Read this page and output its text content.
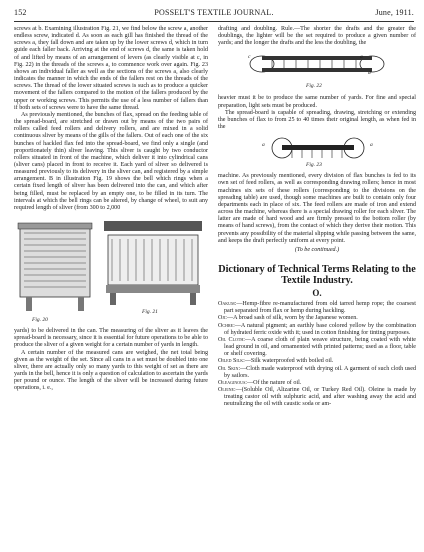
152	POSSELT'S TEXTILE JOURNAL.	June, 1911.

screws at b. Examining illustration Fig. 21, we find below the screw a, another endless screw, indicated d. As soon as each gill has finished the thread of the screws a, they fall down and are taken up by the lower screws d, which in turn guide each faller back. Arriving at the end of screws d, the same is taken hold of and lifted by means of an arrangement of levers (as clearly visible at c, in Fig. 22) in the threads of the screws a, to commence work over again. Fig. 23 shows an individual faller as well as the sections of the screws a, also clearly indicates the manner in which the ends of the fallers rest on the threads of the screws. The thread of the lower situated screws is such as to produce a quicker movement of the fallers compared to the motion of the fallers produced by the upper or working screws. This permits the use of a less number of fallers than if both sets of screws were to have the same thread.

As previously mentioned, the bunches of flax, spread on the feeding table of the spread-board, are stretched or drawn out by means of the two pairs of rollers called feed rollers and delivery rollers, and are mixed in a solid continuous sliver by means of the gills of the fallers. Out of each one of the six bunches of hackled flax fed into the spread-board, we find only a single (and proportionately thin) sliver leaving. This sliver is caught by two conductor rollers situated in front of the machine, which deliver it into cylindrical cans (sliver cans) placed in front to receive it. Each yard of sliver so delivered is measured previously to its delivery in the sliver can, and registered by a simple arrangement. B in illustration Fig. 19 shows the bell which rings when a certain fixed length of sliver has been delivered into the can, and which after being filled, must be replaced by an empty one, to be filled in its turn. The intervals at which the bell rings can be altered, by change of wheel, to suit any required length of sliver (from 300 to 2,000

Fig. 20
Fig. 21

yards) to be delivered in the can. The measuring of the sliver as it leaves the spread-board is necessary, since it is essential for future operations to be able to produce the sliver of a given weight for a certain number of yards in length.

A certain number of the measured cans are weighed, the net total being given as the weight of the set. Since all cans in a set must be doubled into one sliver, there are actually only so many yards to this weight of set as there are yards in the bell, hence it is only a question of calculation to ascertain the yards per pound or ounce. The length of the sliver will be increased during future operations, i. e.,

drafting and doubling. Rule.—The shorter the drafts and the greater the doublings, the lighter will be the set required to produce a given number of yards; and the longer the drafts and the less the doubling, the

c	a
d
Fig. 22

heavier must it be to produce the same number of yards. For fine and special preparation, light sets must be produced.

The spread-board is capable of spreading, drawing, stretching or extending the bunches of flax to from 25 to 40 times their original length, as when fed in the

a	a
Fig. 23

machine. As previously mentioned, every division of flax bunches is fed to its own set of feed rollers, as well as corresponding drawing rollers; hence in most machines six sets of these rollers (corresponding to the divisions on the spreading table) are used, though some machines are built to contain only four departments each in place of six. The feed rollers are made of iron and extend across the machine, whereas there is a special drawing roller for each sliver. The latter are made of hard wood and are firmly pressed to the bottom roller (by means of hand screws), from the contact of which they derive their motion. This prevents any possibility of the material slipping while passing between the same, and keeps the draft perfectly uniform at every point.

(To be continued.)
Dictionary of Technical Terms Relating to the Textile Industry.
O.

Oakum:—Hemp-fibre re-manufactured from old tarred hemp rope; the coarsest part separated from flax or hemp during hackling.

Oji:—A broad sash of silk, worn by the Japanese women.

Ochre:—A natural pigment; an earthly base colored yellow by the combination of hydrated ferric oxide with it; used in cotton finishing for tinting purposes.

Oil Cloth:—A coarse cloth of plain weave structure, being coated with white lead ground in oil, and ornamented with printed patterns; used as a floor, table or shelf covering.

Oiled Silk:—Silk waterproofed with boiled oil.

Oil Skin:—Cloth made waterproof with drying oil. A garment of such cloth used by sailors.

Oleaginous:—Of the nature of oil.

Oleine:—(Soluble Oil, Alizarine Oil, or Turkey Red Oil). Oleine is made by treating castor oil with sulphuric acid, and after washing away the acid and neutralizing the oil with caustic soda or am-
